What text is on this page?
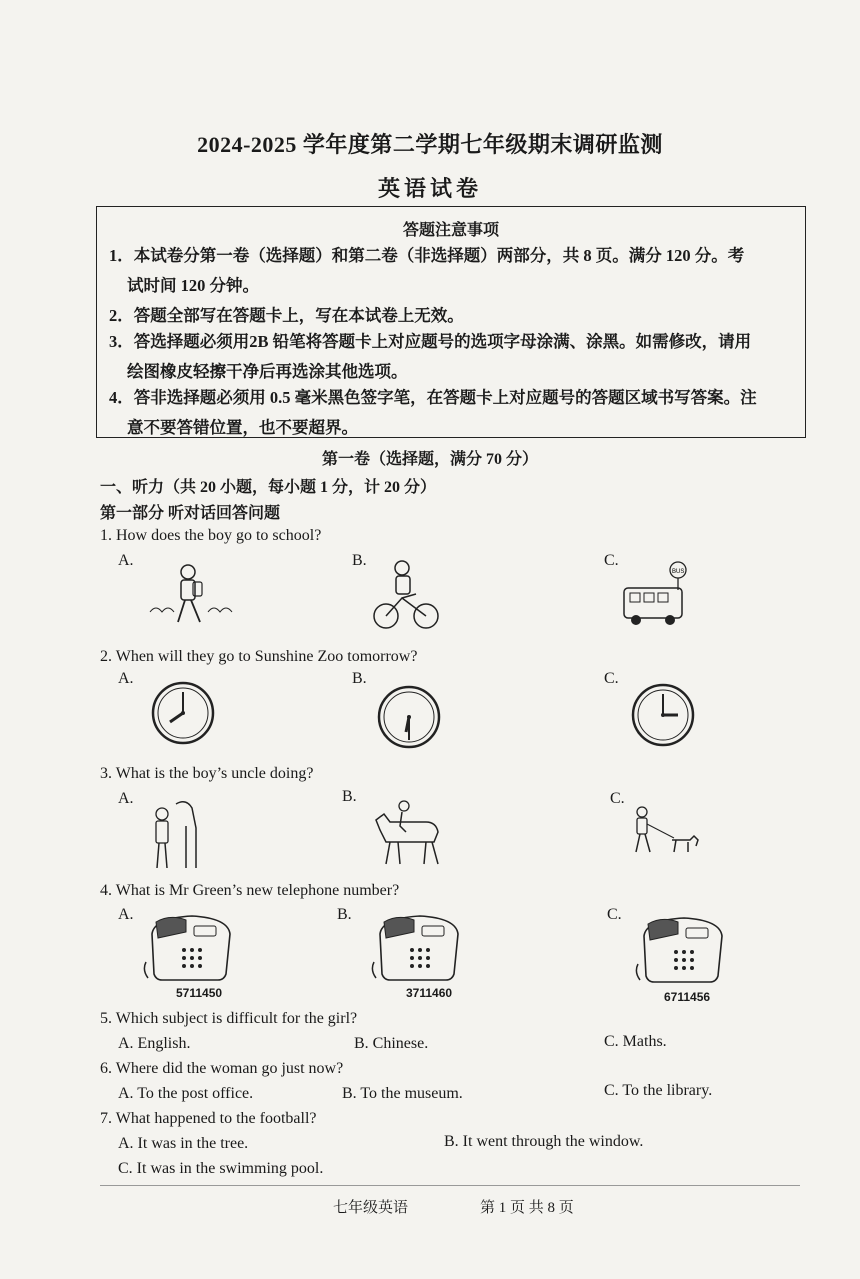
2024-2025 学年度第二学期七年级期末调研监测
英语试卷
答题注意事项
1．本试卷分第一卷（选择题）和第二卷（非选择题）两部分，共 8 页。满分 120 分。考
试时间 120 分钟。
2．答题全部写在答题卡上，写在本试卷上无效。
3．答选择题必须用2B 铅笔将答题卡上对应题号的选项字母涂满、涂黑。如需修改，请用
绘图橡皮轻擦干净后再选涂其他选项。
4．答非选择题必须用 0.5 毫米黑色签字笔，在答题卡上对应题号的答题区域书写答案。注
意不要答错位置，也不要超界。
第一卷（选择题，满分 70 分）
一、听力（共 20 小题，每小题 1 分，计 20 分）
第一部分 听对话回答问题
1. How does the boy go to school?
A.	B.	C.
BUS
2. When will they go to Sunshine Zoo tomorrow?
A.	B.	C.
3. What is the boy’s uncle doing?
A.	B.	C.
4. What is Mr Green’s new telephone number?
A.	B.	C.
5711450	3711460	6711456
5. Which subject is difficult for the girl?
A. English.	B. Chinese.	C. Maths.
6. Where did the woman go just now?
A. To the post office.	B. To the museum.	C. To the library.
7. What happened to the football?
A. It was in the tree.	B. It went through the window.
C. It was in the swimming pool.
七年级英语	第 1 页 共 8 页
